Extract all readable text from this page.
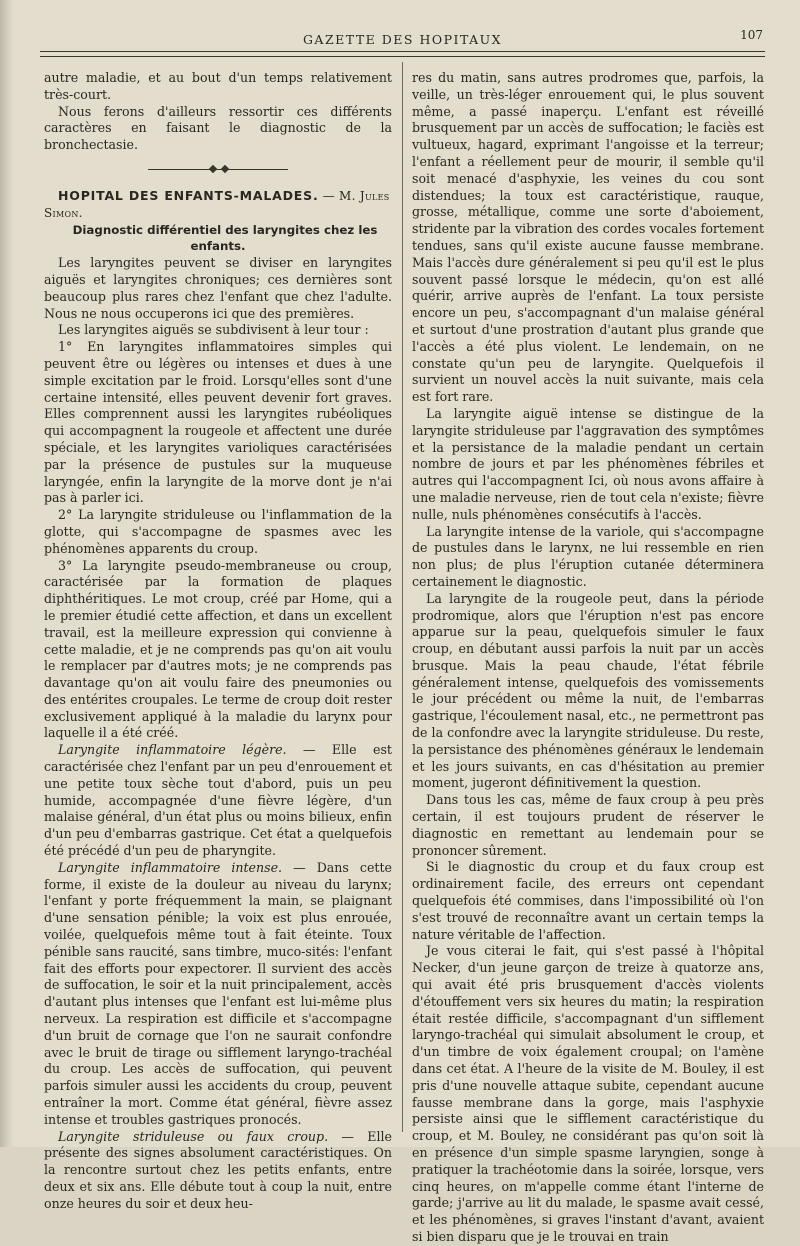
GAZETTE DES HOPITAUX	107

autre maladie, et au bout d'un temps relativement très-court.

Nous ferons d'ailleurs ressortir ces différents caractères en faisant le diagnostic de la bronchectasie.

HOPITAL DES ENFANTS-MALADES. — M. Jules Simon.

Diagnostic différentiel des laryngites chez les enfants.

Les laryngites peuvent se diviser en laryngites aiguës et laryngites chroniques; ces dernières sont beaucoup plus rares chez l'enfant que chez l'adulte. Nous ne nous occuperons ici que des premières.

Les laryngites aiguës se subdivisent à leur tour :

1° En laryngites inflammatoires simples qui peuvent être ou légères ou intenses et dues à une simple excitation par le froid. Lorsqu'elles sont d'une certaine intensité, elles peuvent devenir fort graves. Elles comprennent aussi les laryngites rubéoliques qui accompagnent la rougeole et affectent une durée spéciale, et les laryngites varioliques caractérisées par la présence de pustules sur la muqueuse laryngée, enfin la laryngite de la morve dont je n'ai pas à parler ici.

2° La laryngite striduleuse ou l'inflammation de la glotte, qui s'accompagne de spasmes avec les phénomènes apparents du croup.

3° La laryngite pseudo-membraneuse ou croup, caractérisée par la formation de plaques diphthéritiques. Le mot croup, créé par Home, qui a le premier étudié cette affection, et dans un excellent travail, est la meilleure expression qui convienne à cette maladie, et je ne comprends pas qu'on ait voulu le remplacer par d'autres mots; je ne comprends pas davantage qu'on ait voulu faire des pneumonies ou des entérites croupales. Le terme de croup doit rester exclusivement appliqué à la maladie du larynx pour laquelle il a été créé.

Laryngite inflammatoire légère. — Elle est caractérisée chez l'enfant par un peu d'enrouement et une petite toux sèche tout d'abord, puis un peu humide, accompagnée d'une fièvre légère, d'un malaise général, d'un état plus ou moins bilieux, enfin d'un peu d'embarras gastrique. Cet état a quelquefois été précédé d'un peu de pharyngite.

Laryngite inflammatoire intense. — Dans cette forme, il existe de la douleur au niveau du larynx; l'enfant y porte fréquemment la main, se plaignant d'une sensation pénible; la voix est plus enrouée, voilée, quelquefois même tout à fait éteinte. Toux pénible sans raucité, sans timbre, muco-sités: l'enfant fait des efforts pour expectorer. Il survient des accès de suffocation, le soir et la nuit principalement, accès d'autant plus intenses que l'enfant est lui-même plus nerveux. La respiration est difficile et s'accompagne d'un bruit de cornage que l'on ne saurait confondre avec le bruit de tirage ou sifflement laryngo-trachéal du croup. Les accès de suffocation, qui peuvent parfois simuler aussi les accidents du croup, peuvent entraîner la mort. Comme état général, fièvre assez intense et troubles gastriques pronocés.

Laryngite striduleuse ou faux croup. — Elle présente des signes absolument caractéristiques. On la rencontre surtout chez les petits enfants, entre deux et six ans. Elle débute tout à coup la nuit, entre onze heures du soir et deux heu-

res du matin, sans autres prodromes que, parfois, la veille, un très-léger enrouement qui, le plus souvent même, a passé inaperçu. L'enfant est réveillé brusquement par un accès de suffocation; le faciès est vultueux, hagard, exprimant l'angoisse et la terreur; l'enfant a réellement peur de mourir, il semble qu'il soit menacé d'asphyxie, les veines du cou sont distendues; la toux est caractéristique, rauque, grosse, métallique, comme une sorte d'aboiement, stridente par la vibration des cordes vocales fortement tendues, sans qu'il existe aucune fausse membrane. Mais l'accès dure généralement si peu qu'il est le plus souvent passé lorsque le médecin, qu'on est allé quérir, arrive auprès de l'enfant. La toux persiste encore un peu, s'accompagnant d'un malaise général et surtout d'une prostration d'autant plus grande que l'accès a été plus violent. Le lendemain, on ne constate qu'un peu de laryngite. Quelquefois il survient un nouvel accès la nuit suivante, mais cela est fort rare.

La laryngite aiguë intense se distingue de la laryngite striduleuse par l'aggravation des symptômes et la persistance de la maladie pendant un certain nombre de jours et par les phénomènes fébriles et autres qui l'accompagnent Ici, où nous avons affaire à une maladie nerveuse, rien de tout cela n'existe; fièvre nulle, nuls phénomènes consécutifs à l'accès.

La laryngite intense de la variole, qui s'accompagne de pustules dans le larynx, ne lui ressemble en rien non plus; de plus l'éruption cutanée déterminera certainement le diagnostic.

La laryngite de la rougeole peut, dans la période prodromique, alors que l'éruption n'est pas encore apparue sur la peau, quelquefois simuler le faux croup, en débutant aussi parfois la nuit par un accès brusque. Mais la peau chaude, l'état fébrile généralement intense, quelquefois des vomissements le jour précédent ou même la nuit, de l'embarras gastrique, l'écoulement nasal, etc., ne permettront pas de la confondre avec la laryngite striduleuse. Du reste, la persistance des phénomènes généraux le lendemain et les jours suivants, en cas d'hésitation au premier moment, jugeront définitivement la question.

Dans tous les cas, même de faux croup à peu près certain, il est toujours prudent de réserver le diagnostic en remettant au lendemain pour se prononcer sûrement.

Si le diagnostic du croup et du faux croup est ordinairement facile, des erreurs ont cependant quelquefois été commises, dans l'impossibilité où l'on s'est trouvé de reconnaître avant un certain temps la nature véritable de l'affection.

Je vous citerai le fait, qui s'est passé à l'hôpital Necker, d'un jeune garçon de treize à quatorze ans, qui avait été pris brusquement d'accès violents d'étouffement vers six heures du matin; la respiration était restée difficile, s'accompagnant d'un sifflement laryngo-trachéal qui simulait absolument le croup, et d'un timbre de voix également croupal; on l'amène dans cet état. A l'heure de la visite de M. Bouley, il est pris d'une nouvelle attaque subite, cependant aucune fausse membrane dans la gorge, mais l'asphyxie persiste ainsi que le sifflement caractéristique du croup, et M. Bouley, ne considérant pas qu'on soit là en présence d'un simple spasme laryngien, songe à pratiquer la trachéotomie dans la soirée, lorsque, vers cinq heures, on m'appelle comme étant l'interne de garde; j'arrive au lit du malade, le spasme avait cessé, et les phénomènes, si graves l'instant d'avant, avaient si bien disparu que je le trouvai en train
